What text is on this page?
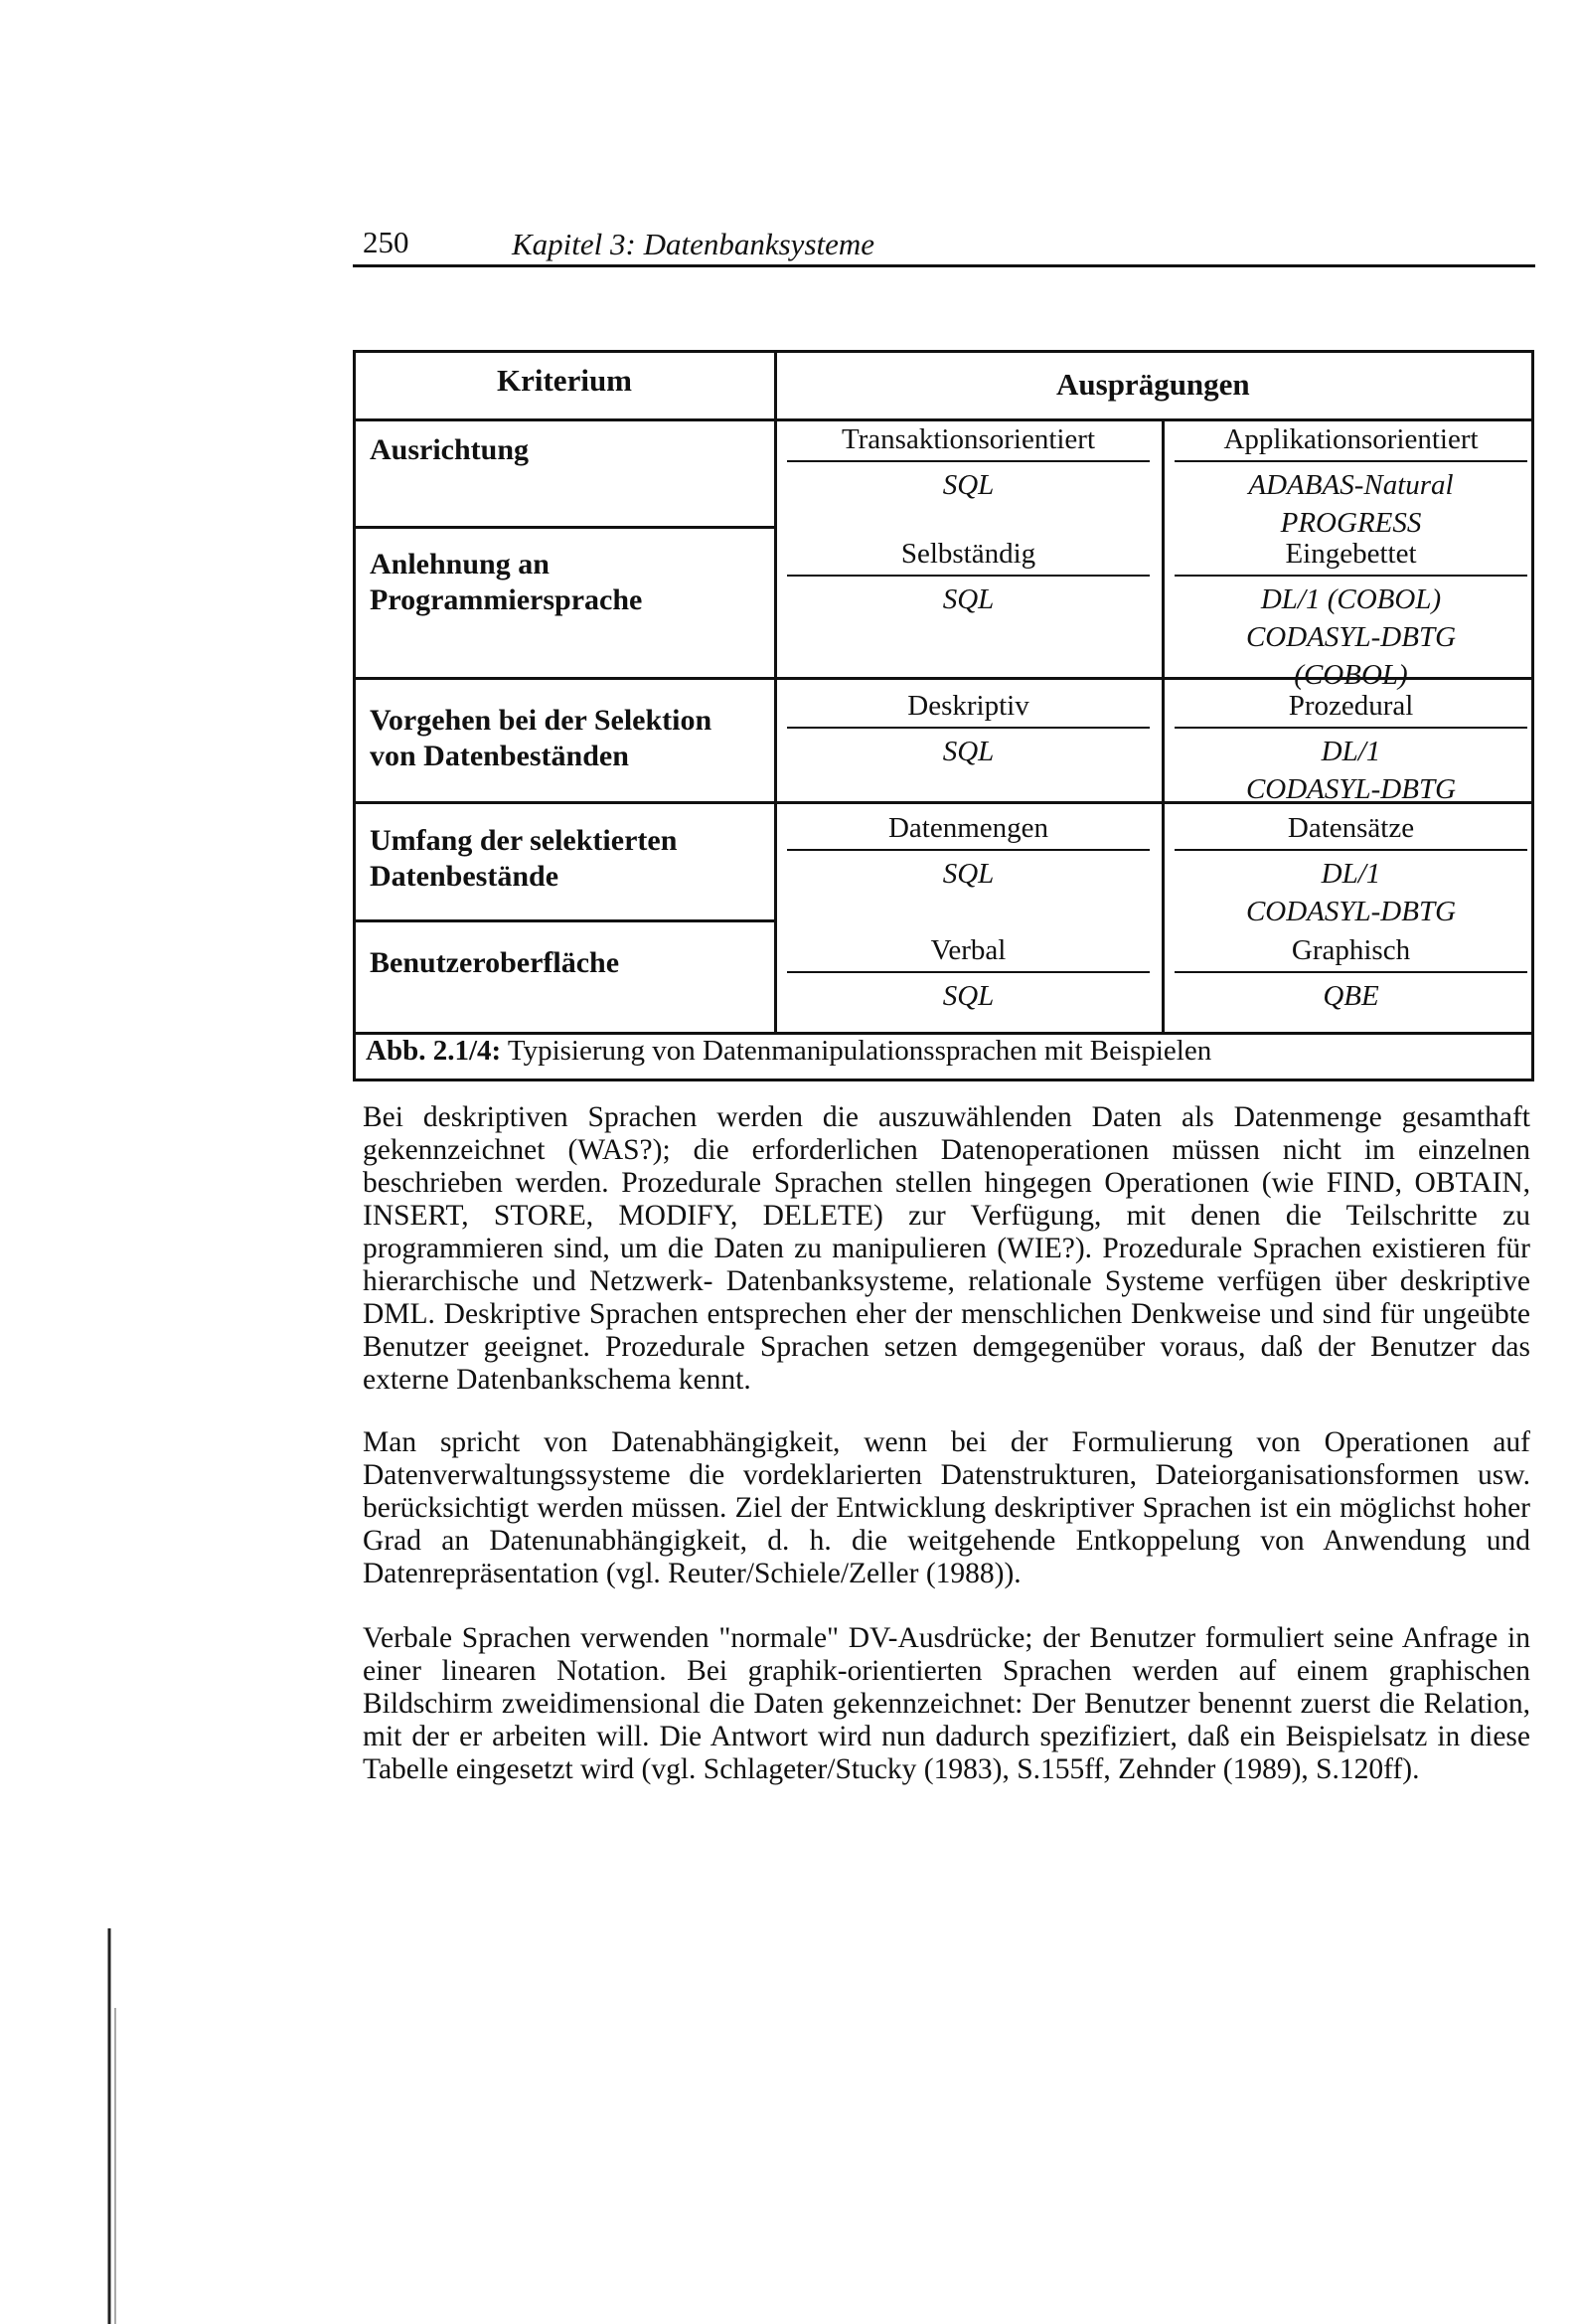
250	Kapitel 3: Datenbanksysteme
Kriterium	Ausprägungen
Ausrichtung
Anlehnung an
Programmiersprache
Vorgehen bei der Selektion
von Datenbeständen
Umfang der selektierten
Datenbestände
Benutzeroberfläche
Transaktionsorientiert
SQL
Selbständig
SQL
Deskriptiv
SQL
Datenmengen
SQL
Verbal
SQL
Applikationsorientiert
ADABAS-Natural
PROGRESS
Eingebettet
DL/1 (COBOL)
CODASYL-DBTG
(COBOL)
Prozedural
DL/1
CODASYL-DBTG
Datensätze
DL/1
CODASYL-DBTG
Graphisch
QBE
Abb. 2.1/4: Typisierung von Datenmanipulationssprachen mit Beispielen

Bei deskriptiven Sprachen werden die auszuwählenden Daten als Datenmenge gesamthaft gekennzeichnet (WAS?); die erforderlichen Datenoperationen müssen nicht im einzelnen beschrieben werden. Prozedurale Sprachen stellen hingegen Operationen (wie FIND, OBTAIN, INSERT, STORE, MODIFY, DELETE) zur Verfügung, mit denen die Teilschritte zu programmieren sind, um die Daten zu manipulieren (WIE?). Prozedurale Sprachen existieren für hierarchische und Netzwerk- Datenbanksysteme, relationale Systeme verfügen über deskriptive DML. Deskriptive Sprachen entsprechen eher der menschlichen Denkweise und sind für ungeübte Benutzer geeignet. Prozedurale Sprachen setzen demgegenüber voraus, daß der Benutzer das externe Datenbankschema kennt.

Man spricht von Datenabhängigkeit, wenn bei der Formulierung von Operationen auf Datenverwaltungssysteme die vordeklarierten Datenstrukturen, Dateiorganisationsformen usw. berücksichtigt werden müssen. Ziel der Entwicklung deskriptiver Sprachen ist ein möglichst hoher Grad an Datenunabhängigkeit, d. h. die weitgehende Entkoppelung von Anwendung und Datenrepräsentation (vgl. Reuter/Schiele/Zeller (1988)).

Verbale Sprachen verwenden "normale" DV-Ausdrücke; der Benutzer formuliert seine Anfrage in einer linearen Notation. Bei graphik-orientierten Sprachen werden auf einem graphischen Bildschirm zweidimensional die Daten gekennzeichnet: Der Benutzer benennt zuerst die Relation, mit der er arbeiten will. Die Antwort wird nun dadurch spezifiziert, daß ein Beispielsatz in diese Tabelle eingesetzt wird (vgl. Schlageter/Stucky (1983), S.155ff, Zehnder (1989), S.120ff).
